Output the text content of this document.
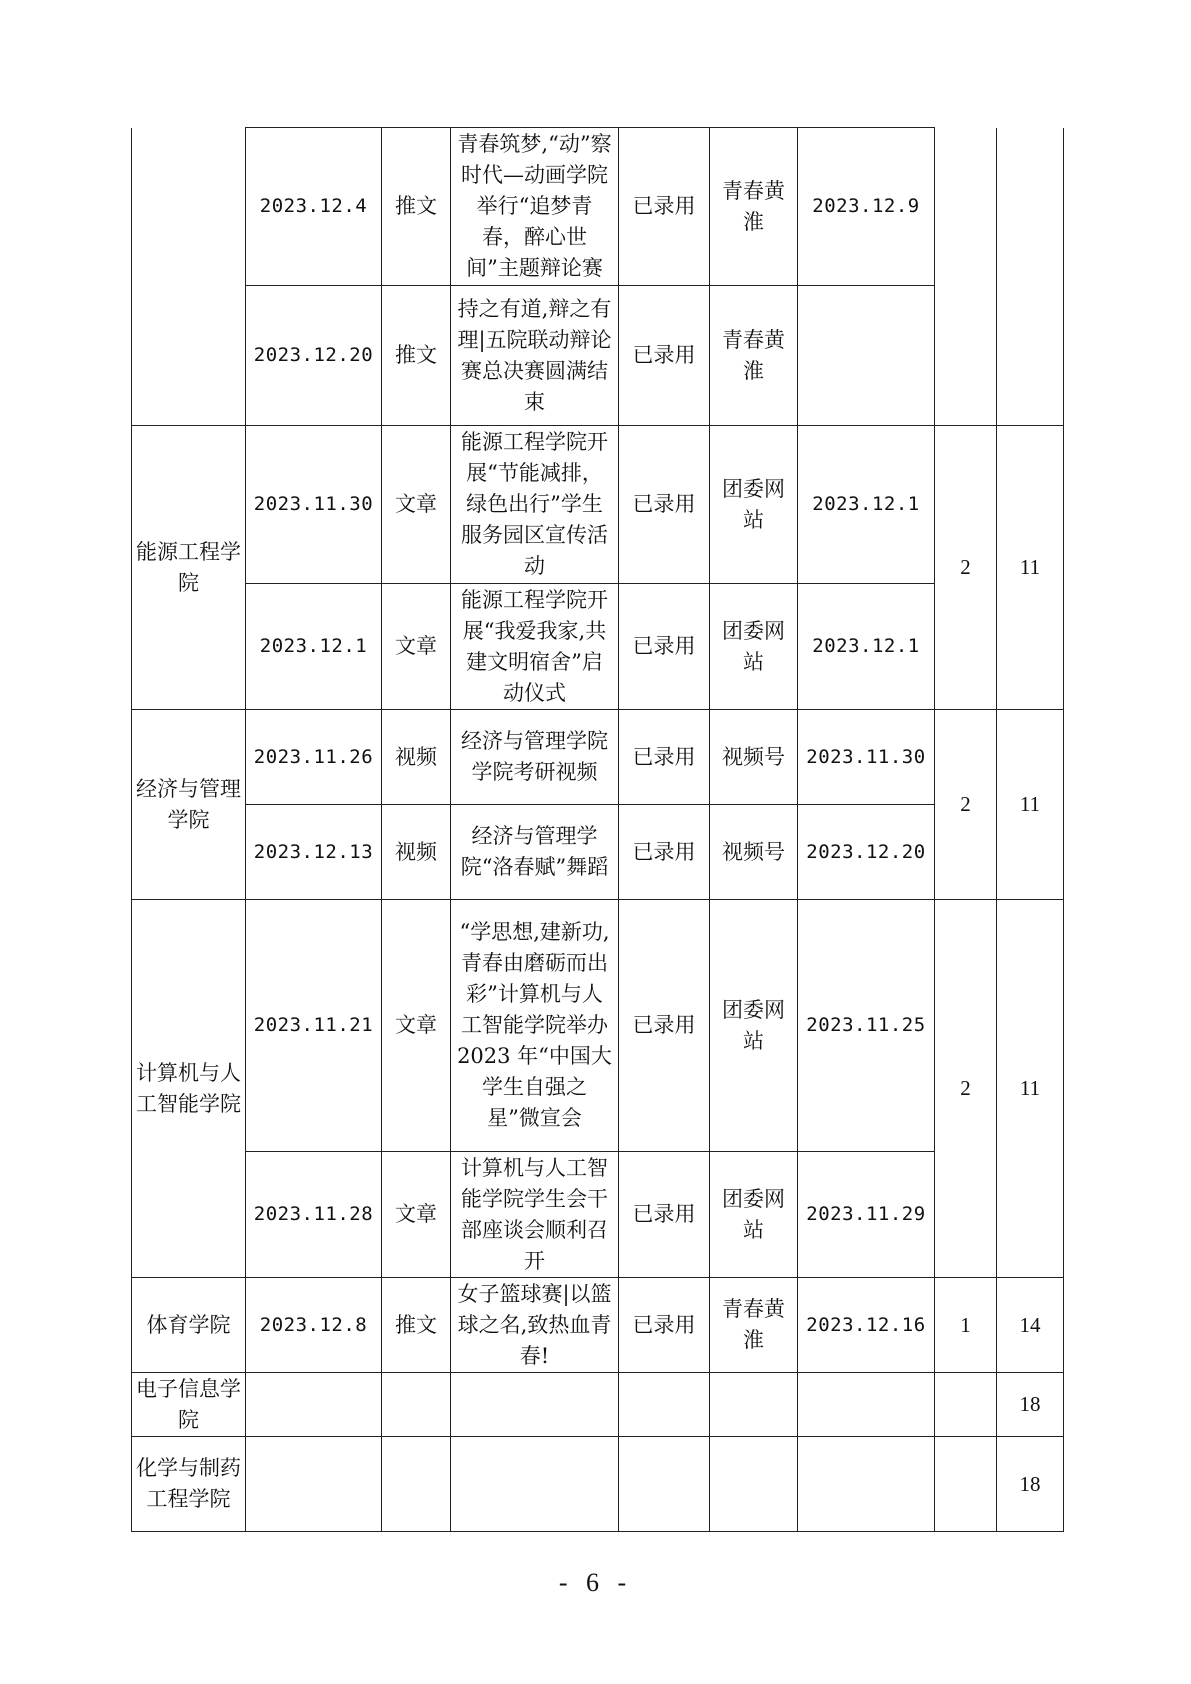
	2023.12.4	推文	青春筑梦,“动”察时代—动画学院举行“追梦青春，醉心世间”主题辩论赛	已录用	青春黄淮	2023.12.9		
	2023.12.20	推文	持之有道,辩之有理|五院联动辩论赛总决赛圆满结束	已录用	青春黄淮			
能源工程学院	2023.11.30	文章	能源工程学院开展“节能减排，绿色出行”学生服务园区宣传活动	已录用	团委网站	2023.12.1	2	11
	2023.12.1	文章	能源工程学院开展“我爱我家,共建文明宿舍”启动仪式	已录用	团委网站	2023.12.1		
经济与管理学院	2023.11.26	视频	经济与管理学院学院考研视频	已录用	视频号	2023.11.30	2	11
	2023.12.13	视频	经济与管理学院“洛春赋”舞蹈	已录用	视频号	2023.12.20		
计算机与人工智能学院	2023.11.21	文章	“学思想,建新功,青春由磨砺而出彩”计算机与人工智能学院举办 2023 年“中国大学生自强之星”微宣会	已录用	团委网站	2023.11.25	2	11
	2023.11.28	文章	计算机与人工智能学院学生会干部座谈会顺利召开	已录用	团委网站	2023.11.29		
体育学院	2023.12.8	推文	女子篮球赛|以篮球之名,致热血青春!	已录用	青春黄淮	2023.12.16	1	14
电子信息学院								18
化学与制药工程学院								18
- 6 -
